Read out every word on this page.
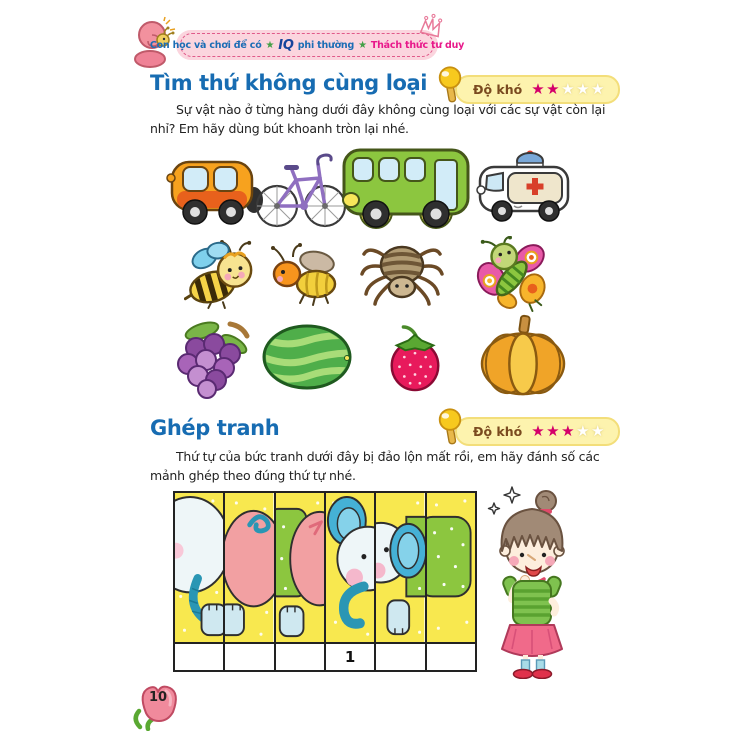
Con học và chơi để có ★ IQ phi thường ★ Thách thức tư duy
Tìm thứ không cùng loại	Độ khó ★★ ★★★

Sự vật nào ở từng hàng dưới đây không cùng loại với các sự vật còn lại nhỉ? Em hãy dùng bút khoanh tròn lại nhé.

Ghép tranh	Độ khó ★★★ ★★

Thứ tự của bức tranh dưới đây bị đảo lộn mất rồi, em hãy đánh số các mảnh ghép theo đúng thứ tự nhé.

1
10
